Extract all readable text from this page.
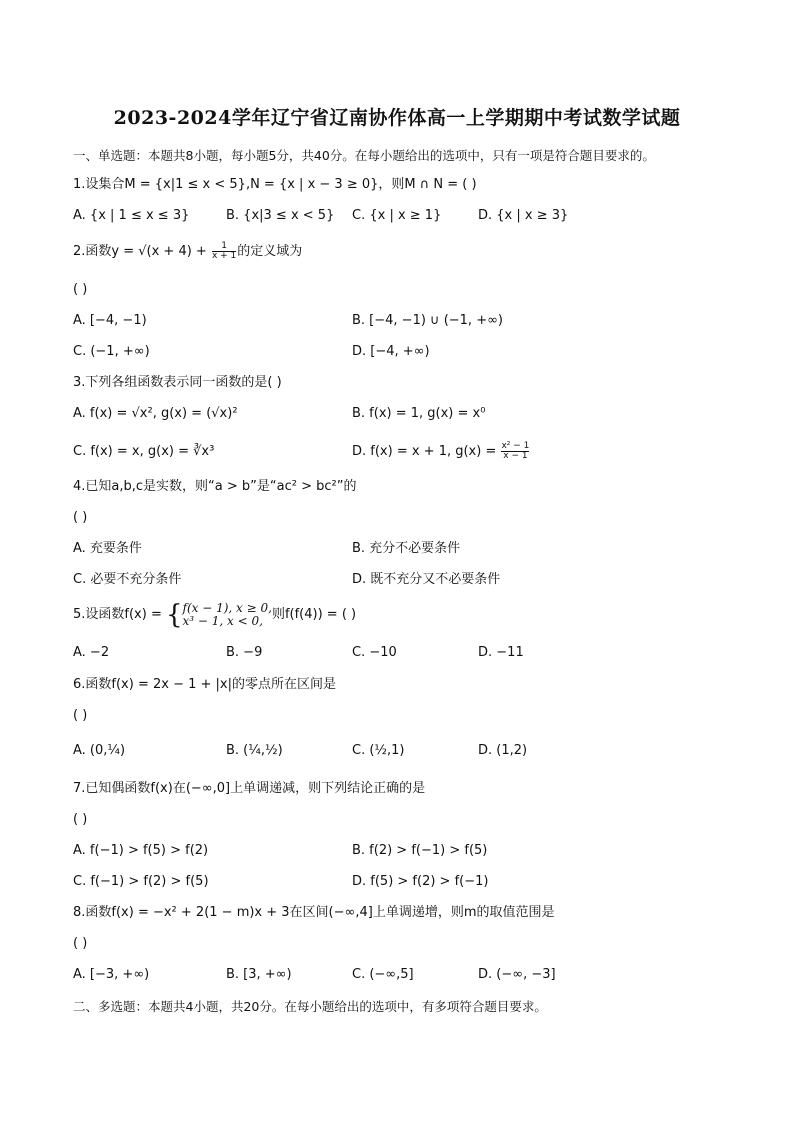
2023-2024学年辽宁省辽南协作体高一上学期期中考试数学试题
一、单选题：本题共8小题，每小题5分，共40分。在每小题给出的选项中，只有一项是符合题目要求的。
1.设集合M = {x|1 ≤ x < 5},N = {x | x − 3 ≥ 0}，则M ∩ N = ( )
A. {x | 1 ≤ x ≤ 3}	B. {x|3 ≤ x < 5} C. {x | x ≥ 1}	D. {x | x ≥ 3}
2.函数$y = √(x + 4) + \frac{1}{x + 1}$ 的定义域为
( )
A. [−4, −1)	B. [−4, −1) ∪ (−1, +∞)
C. (−1, +∞)	D. [−4, +∞)
3.下列各组函数表示同一函数的是( )
A. f(x) = √x², g(x) = (√x)²	B. f(x) = 1, g(x) = x⁰
C. f(x) = x, g(x) = ∛x³	D. f(x) = x + 1, $g(x) = \frac{\text{x² − 1}}{x - 1}$
4.已知a,b,c是实数，则“a > b”是“ac² > bc²”的
( )
A. 充要条件	B. 充分不必要条件
C. 必要不充分条件	D. 既不充分又不必要条件
5.设函数f(x) = { f(x − 1), x ≥ 0,
x³ − 1, x < 0, 则f(f(4)) = ( )
A. −2	B. −9	C. −10	D. −11
6.函数f(x) = 2x − 1 + |x|的零点所在区间是
( )
A. (0,¼)	B. (¼,½)	C. (½,1)	D. (1,2)
7.已知偶函数f(x)在(−∞,0]上单调递减，则下列结论正确的是
( )
A. f(−1) > f(5) > f(2)	B. f(2) > f(−1) > f(5)
C. f(−1) > f(2) > f(5)	D. f(5) > f(2) > f(−1)
8.函数f(x) = −x² + 2(1 − m)x + 3在区间(−∞,4]上单调递增，则m的取值范围是
( )
A. [−3, +∞)	B. [3, +∞)	C. (−∞,5]	D. (−∞, −3]
二、多选题：本题共4小题，共20分。在每小题给出的选项中，有多项符合题目要求。
